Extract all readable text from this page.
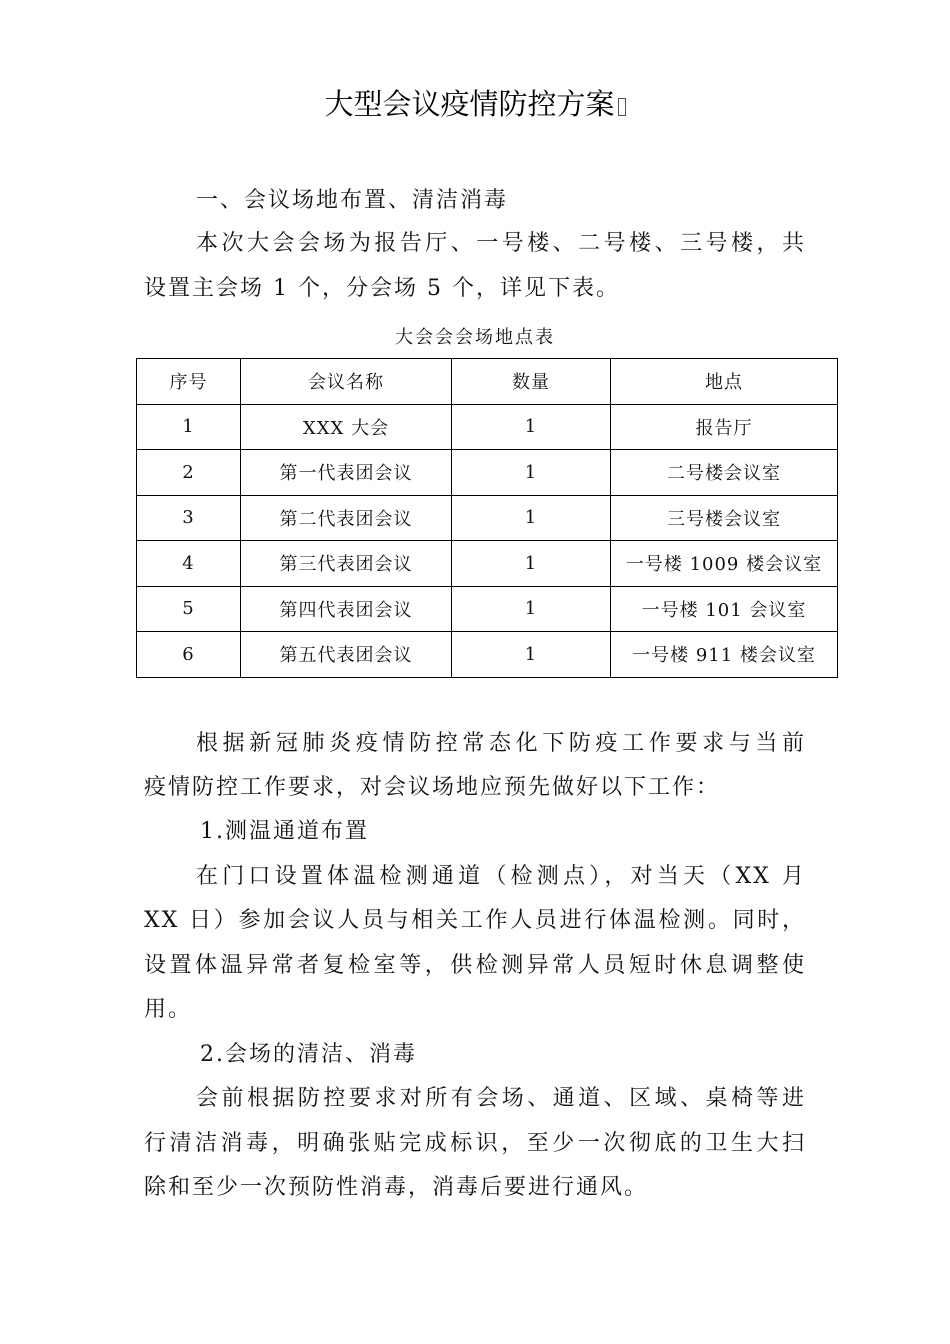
大型会议疫情防控方案
一、会议场地布置、清洁消毒
本次大会会场为报告厅、一号楼、二号楼、三号楼，共
设置主会场 1 个，分会场 5 个，详见下表。
大会会会场地点表
序号	会议名称	数量	地点
1	XXX 大会	1	报告厅
2	第一代表团会议	1	二号楼会议室
3	第二代表团会议	1	三号楼会议室
4	第三代表团会议	1	一号楼 1009 楼会议室
5	第四代表团会议	1	一号楼 101 会议室
6	第五代表团会议	1	一号楼 911 楼会议室
根据新冠肺炎疫情防控常态化下防疫工作要求与当前
疫情防控工作要求，对会议场地应预先做好以下工作：
1.测温通道布置
在门口设置体温检测通道（检测点），对当天（XX 月
XX 日）参加会议人员与相关工作人员进行体温检测。同时，
设置体温异常者复检室等，供检测异常人员短时休息调整使
用。
2.会场的清洁、消毒
会前根据防控要求对所有会场、通道、区域、桌椅等进
行清洁消毒，明确张贴完成标识，至少一次彻底的卫生大扫
除和至少一次预防性消毒，消毒后要进行通风。
